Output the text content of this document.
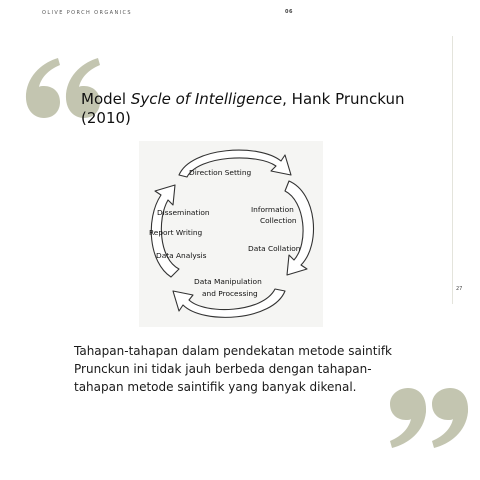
OLIVE PORCH ORGANICS	06
27
Model Sycle of Intelligence, Hank Prunckun (2010)
Direction Setting
Information
Collection
Data Collation
Data Manipulation
and Processing
Data Analysis
Report Writing
Dissemination
Tahapan-tahapan dalam pendekatan metode saintifk Prunckun ini tidak jauh berbeda dengan tahapan-tahapan metode saintifik yang banyak dikenal.
